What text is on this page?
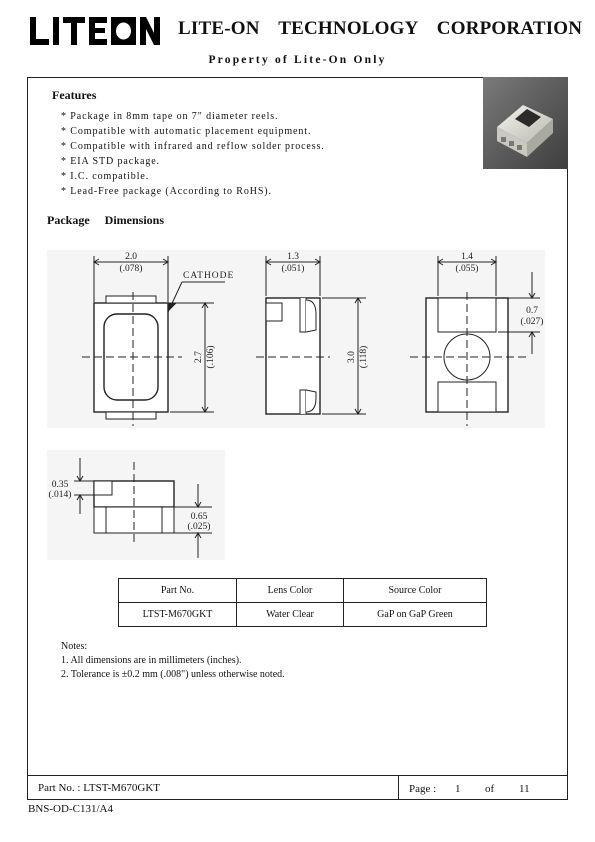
LITEON
LITE-ON TECHNOLOGY CORPORATION
Property of Lite-On Only
Features
* Package in 8mm tape on 7" diameter reels.
* Compatible with automatic placement equipment.
* Compatible with infrared and reflow solder process.
* EIA STD package.
* I.C. compatible.
* Lead-Free package (According to RoHS).
Package Dimensions
2.0
(.078)
CATHODE
2.7 (.106)
1.3
(.051)
3.0 (.118)
1.4
(.055)
0.7
(.027)
0.35
(.014)
0.65
(.025)
Part No.	Lens Color	Source Color
LTST-M670GKT	Water Clear	GaP on GaP Green
Notes:
1. All dimensions are in millimeters (inches).
2. Tolerance is ±0.2 mm (.008") unless otherwise noted.
Part No. : LTST-M670GKT	Page : 1 of 11
BNS-OD-C131/A4
